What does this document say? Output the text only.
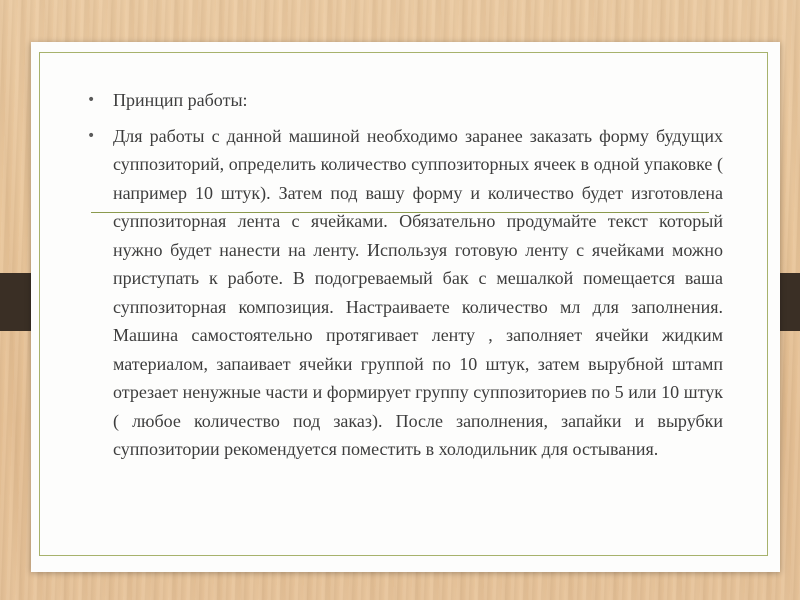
• Принцип работы:
• Для работы с данной машиной необходимо заранее заказать форму будущих суппозиторий, определить количество суппозиторных ячеек в одной упаковке ( например 10 штук). Затем под вашу форму и количество будет изготовлена суппозиторная лента с ячейками. Обязательно продумайте текст который нужно будет нанести на ленту. Используя готовую ленту с ячейками можно приступать к работе. В подогреваемый бак с мешалкой помещается ваша суппозиторная композиция. Настраиваете количество мл для заполнения. Машина самостоятельно протягивает ленту , заполняет ячейки жидким материалом, запаивает ячейки группой по 10 штук, затем вырубной штамп отрезает ненужные части и формирует группу суппозиториев по 5 или 10 штук ( любое количество под заказ). После заполнения, запайки и вырубки суппозитории рекомендуется поместить в холодильник для остывания.
